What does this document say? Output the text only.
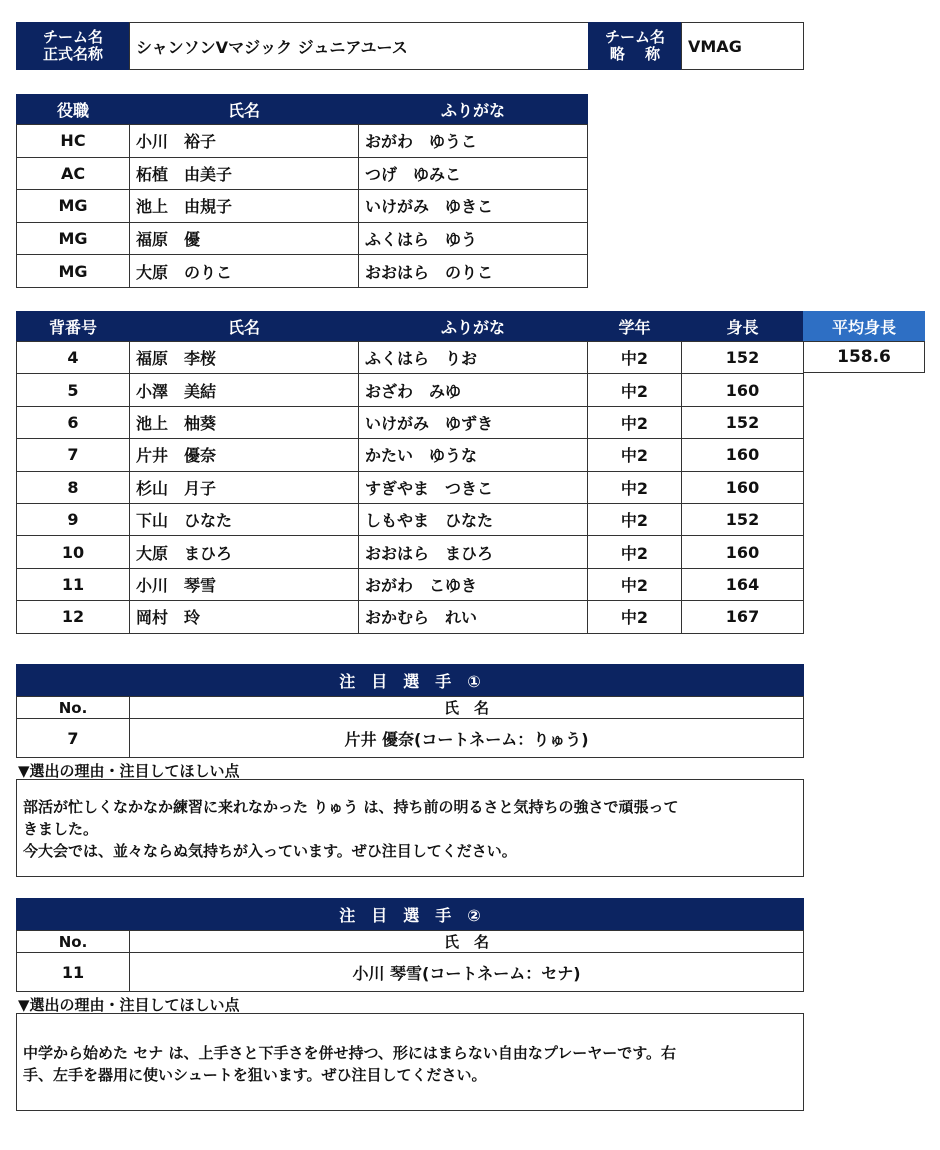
チーム名
正式名称	シャンソンVマジック ジュニアユース
チーム名
略　 称	VMAG
役職	氏名	ふりがな
HC	小川　裕子	おがわ　ゆうこ
AC	柘植　由美子	つげ　ゆみこ
MG	池上　由規子	いけがみ　ゆきこ
MG	福原　優	ふくはら　ゆう
MG	大原　のりこ	おおはら　のりこ
背番号	氏名	ふりがな	学年	身長
4	福原　李桜	ふくはら　りお	中2	152
5	小澤　美結	おざわ　みゆ	中2	160
6	池上　柚葵	いけがみ　ゆずき	中2	152
7	片井　優奈	かたい　ゆうな	中2	160
8	杉山　月子	すぎやま　つきこ	中2	160
9	下山　ひなた	しもやま　ひなた	中2	152
10	大原　まひろ	おおはら　まひろ	中2	160
11	小川　琴雪	おがわ　こゆき	中2	164
12	岡村　玲	おかむら　れい	中2	167
平均身長
158.6
注　目　選　手　①
No.	氏　名
7	片井 優奈(コートネーム：りゅう)
▼選出の理由・注目してほしい点
部活が忙しくなかなか練習に来れなかった りゅう は、持ち前の明るさと気持ちの強さで頑張って
きました。
今大会では、並々ならぬ気持ちが入っています。ぜひ注目してください。
注　目　選　手　②
No.	氏　名
11	小川 琴雪(コートネーム：セナ)
▼選出の理由・注目してほしい点
中学から始めた セナ は、上手さと下手さを併せ持つ、形にはまらない自由なプレーヤーです。右
手、左手を器用に使いシュートを狙います。ぜひ注目してください。
